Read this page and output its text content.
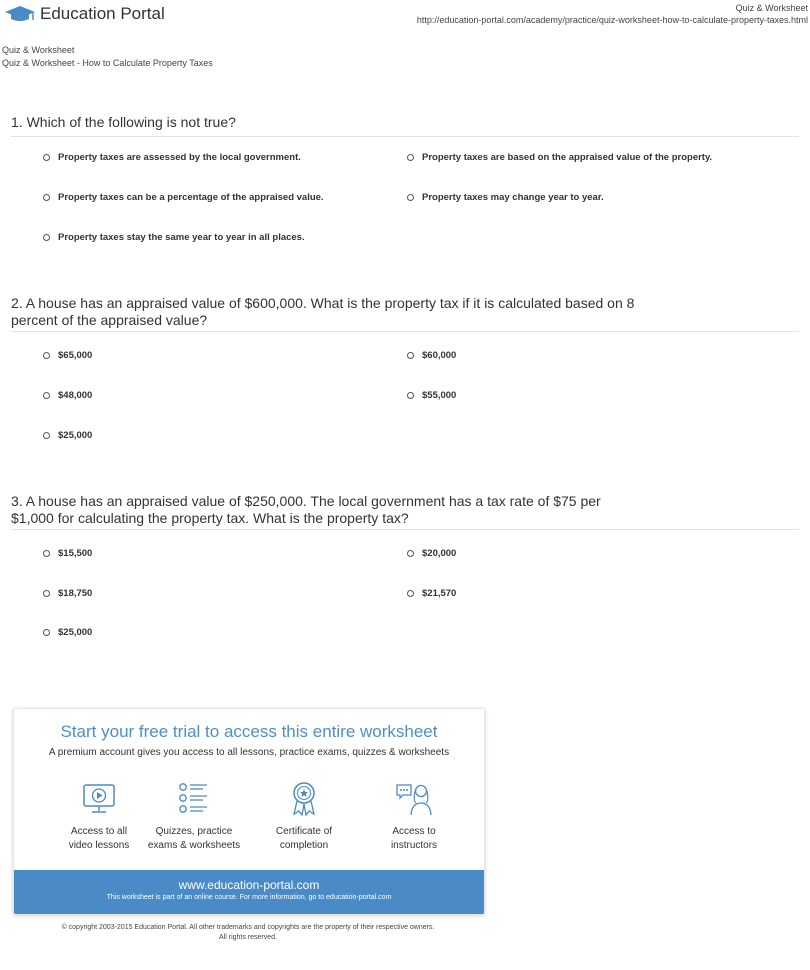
Education Portal	Quiz & Worksheet
http://education-portal.com/academy/practice/quiz-worksheet-how-to-calculate-property-taxes.html
Quiz & Worksheet
Quiz & Worksheet - How to Calculate Property Taxes
1. Which of the following is not true?
Property taxes are assessed by the local government.	Property taxes are based on the appraised value of the property.
Property taxes can be a percentage of the appraised value.	Property taxes may change year to year.
Property taxes stay the same year to year in all places.
2. A house has an appraised value of $600,000. What is the property tax if it is calculated based on 8
percent of the appraised value?
$65,000	$60,000
$48,000	$55,000
$25,000
3. A house has an appraised value of $250,000. The local government has a tax rate of $75 per
$1,000 for calculating the property tax. What is the property tax?
$15,500	$20,000
$18,750	$21,570
$25,000
Start your free trial to access this entire worksheet
A premium account gives you access to all lessons, practice exams, quizzes & worksheets
Access to all
video lessons
Quizzes, practice
exams & worksheets
Certificate of
completion
Access to
instructors
www.education-portal.com
This worksheet is part of an online course. For more information, go to education-portal.com
© copyright 2003-2015 Education Portal. All other trademarks and copyrights are the property of their respective owners.
All rights reserved.
